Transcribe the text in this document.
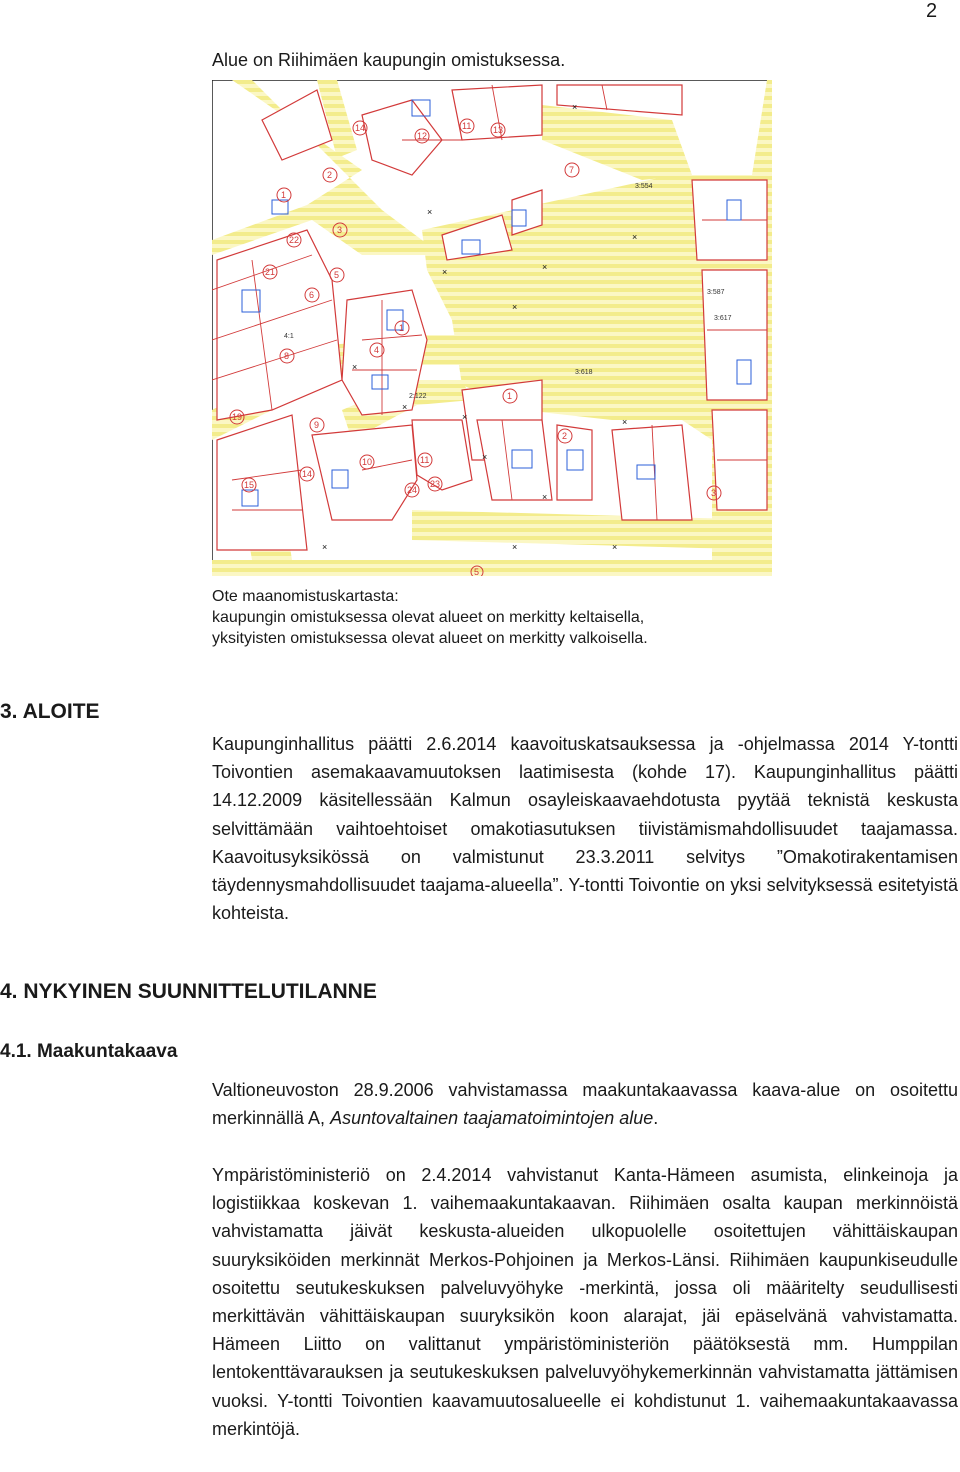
2
Alue on Riihimäen kaupungin omistuksessa.
3:554
3:587
3:617
3:618
2:122
4:1
14
12
11 13
7
1
2
22
3
5
21
6
8
4
9
19
14
15
10	11
24
23
1
2
5
3
1
×
×
×
×
×
×	×
×
×
×
×
×	×	×
×
Ote maanomistuskartasta:
kaupungin omistuksessa olevat alueet on merkitty keltaisella,
yksityisten omistuksessa olevat alueet on merkitty valkoisella.
3. ALOITE

Kaupunginhallitus päätti 2.6.2014 kaavoituskatsauksessa ja -ohjelmassa 2014 Y-tontti Toivontien asemakaavamuutoksen laatimisesta (kohde 17). Kaupunginhallitus päätti 14.12.2009 käsitellessään Kalmun osayleiskaavaehdotusta pyytää teknistä keskusta selvittämään vaihtoehtoiset omakotiasutuksen tiivistämismahdollisuudet taajamassa. Kaavoitusyksikössä on valmistunut 23.3.2011 selvitys ”Omakotirakentamisen täydennysmahdollisuudet taajama-alueella”. Y-tontti Toivontie on yksi selvityksessä esitetyistä kohteista.

4. NYKYINEN SUUNNITTELUTILANNE
4.1. Maakuntakaava

Valtioneuvoston 28.9.2006 vahvistamassa maakuntakaavassa kaava-alue on osoitettu merkinnällä A, Asuntovaltainen taajamatoimintojen alue.

Ympäristöministeriö on 2.4.2014 vahvistanut Kanta-Hämeen asumista, elinkeinoja ja logistiikkaa koskevan 1. vaihemaakuntakaavan. Riihimäen osalta kaupan merkinnöistä vahvistamatta jäivät keskusta-alueiden ulkopuolelle osoitettujen vähittäiskaupan suuryksiköiden merkinnät Merkos-Pohjoinen ja Merkos-Länsi. Riihimäen kaupunkiseudulle osoitettu seutukeskuksen palveluvyöhyke -merkintä, jossa oli määritelty seudullisesti merkittävän vähittäiskaupan suuryksikön koon alarajat, jäi epäselvänä vahvistamatta. Hämeen Liitto on valittanut ympäristöministeriön päätöksestä mm. Humppilan lentokenttävarauksen ja seutukeskuksen palveluvyöhykemerkinnän vahvistamatta jättämisen vuoksi. Y-tontti Toivontien kaavamuutosalueelle ei kohdistunut 1. vaihemaakuntakaavassa merkintöjä.
